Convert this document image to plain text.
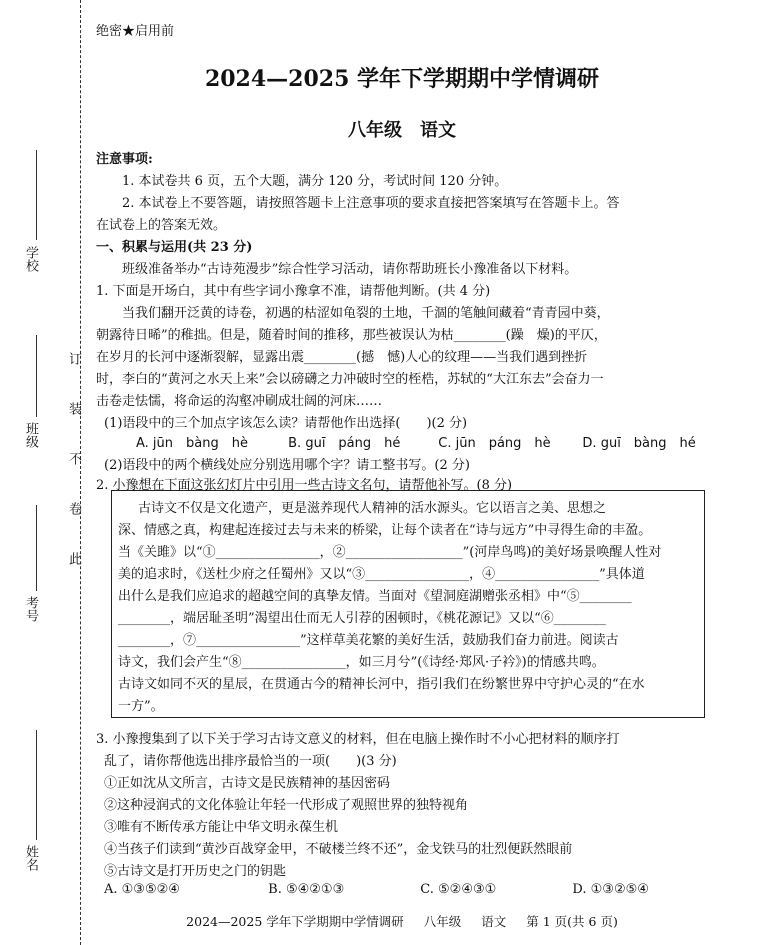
学校
班级
考号
姓名
订
装
不
卷
此
绝密★启用前
2024—2025 学年下学期期中学情调研
八年级　语文
注意事项:
1. 本试卷共 6 页，五个大题，满分 120 分，考试时间 120 分钟。
2. 本试卷上不要答题，请按照答题卡上注意事项的要求直接把答案填写在答题卡上。答
在试卷上的答案无效。
一、积累与运用(共 23 分)
班级准备举办“古诗苑漫步”综合性学习活动，请你帮助班长小豫准备以下材料。
1. 下面是开场白，其中有些字词小豫拿不准，请帮他判断。(共 4 分)
当我们翻开泛黄的诗卷，初遇的枯涩如龟裂的土地，千涸的笔触间藏着“青青园中葵，
朝露待日晞”的稚拙。但是，随着时间的推移，那些被误认为枯________(躁　燥)的平仄，
在岁月的长河中逐渐裂解，显露出震________(撼　憾)人心的纹理——当我们遇到挫折
时，李白的“黄河之水天上来”会以磅礴之力冲破时空的桎梏，苏轼的“大江东去”会奋力一
击卷走怯懦，将命运的沟壑冲刷成壮阔的河床……
(1)语段中的三个加点字该怎么读？请帮他作出选择(　　)(2 分)
A. jūn　bàng　hè	B. guī　páng　hé	C. jūn　páng　hè D. guī　bàng　hé
(2)语段中的两个横线处应分别选用哪个字？请工整书写。(2 分)
2. 小豫想在下面这张幻灯片中引用一些古诗文名句，请帮他补写。(8 分)
古诗文不仅是文化遗产，更是滋养现代人精神的活水源头。它以语言之美、思想之
深、情感之真，构建起连接过去与未来的桥梁，让每个读者在“诗与远方”中寻得生命的丰盈。
当《关雎》以“①________________，②__________________”(河岸鸟鸣)的美好场景唤醒人性对
美的追求时，《送杜少府之任蜀州》又以“③________________，④________________”具体道
出什么是我们应追求的超越空间的真挚友情。当面对《望洞庭湖赠张丞相》中“⑤________
________，端居耻圣明”渴望出仕而无人引荐的困顿时，《桃花源记》又以“⑥________
________，⑦________________”这样草美花繁的美好生活，鼓励我们奋力前进。阅读古
诗文，我们会产生“⑧________________，如三月兮”(《诗经·郑风·子衿》)的情感共鸣。
古诗文如同不灭的星辰，在贯通古今的精神长河中，指引我们在纷繁世界中守护心灵的“在水
一方”。
3. 小豫搜集到了以下关于学习古诗文意义的材料，但在电脑上操作时不小心把材料的顺序打
乱了，请你帮他选出排序最恰当的一项(　　)(3 分)
①正如沈从文所言，古诗文是民族精神的基因密码
②这种浸润式的文化体验让年轻一代形成了观照世界的独特视角
③唯有不断传承方能让中华文明永葆生机
④当孩子们读到“黄沙百战穿金甲，不破楼兰终不还”，金戈铁马的壮烈便跃然眼前
⑤古诗文是打开历史之门的钥匙
A. ①③⑤②④	B. ⑤④②①③	C. ⑤②④③①	D. ①③②⑤④
2024—2025 学年下学期期中学情调研 八年级 语文 第 1 页(共 6 页)
